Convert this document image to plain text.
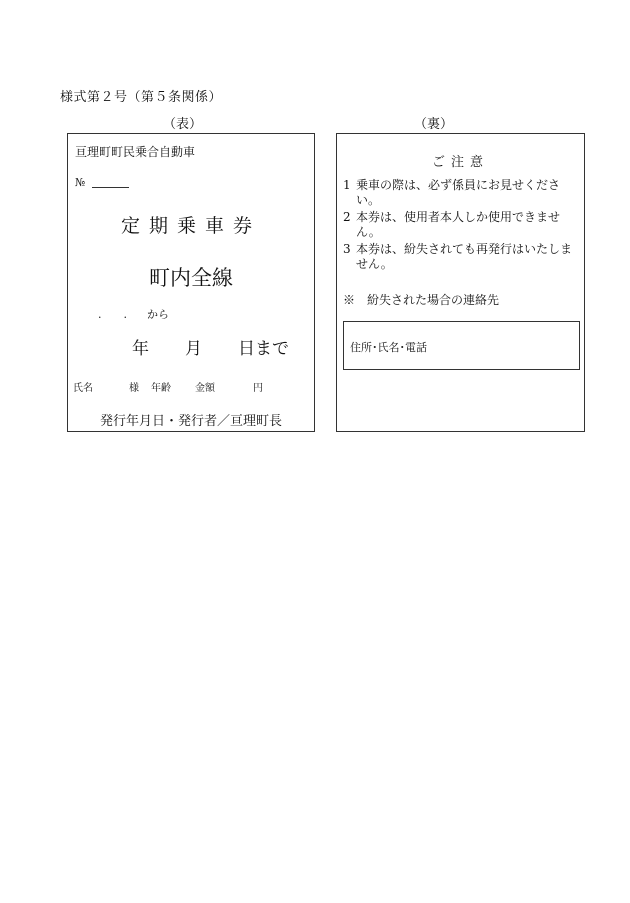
様式第２号（第５条関係）
（表）	（裏）
亘理町町民乗合自動車
№
定期乗車券
町内全線
.　　. から
年 月 日まで
氏名	様 年齢 金額	円
発行年月日・発行者／亘理町長
ご注意
1 乗車の際は、必ず係員にお見せください。
2 本券は、使用者本人しか使用できません。
3 本券は、紛失されても再発行はいたしません。
※　紛失された場合の連絡先
住所･氏名･電話
